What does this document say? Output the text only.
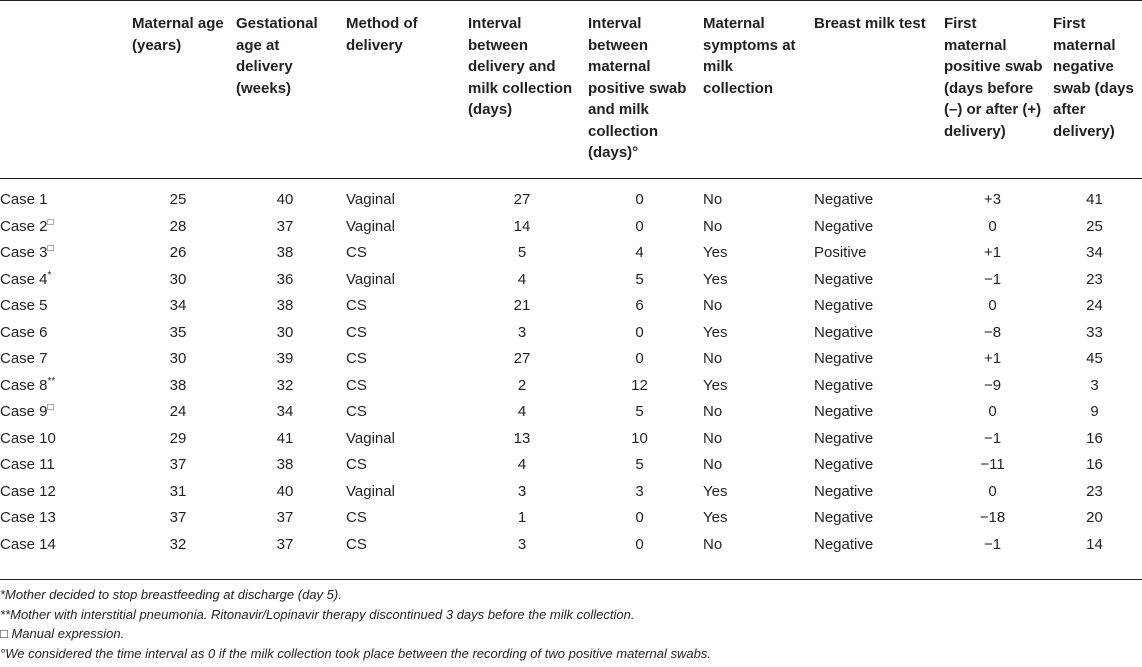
	Maternal age (years)	Gestational age at delivery (weeks)	Method of delivery	Interval between delivery and milk collection (days)	Interval between maternal positive swab and milk collection (days)°	Maternal symptoms at milk collection	Breast milk test	First maternal positive swab (days before (–) or after (+) delivery)	First maternal negative swab (days after delivery)
Case 1	25	40	Vaginal	27	0	No	Negative	+3	41
Case 2□	28	37	Vaginal	14	0	No	Negative	0	25
Case 3□	26	38	CS	5	4	Yes	Positive	+1	34
Case 4*	30	36	Vaginal	4	5	Yes	Negative	−1	23
Case 5	34	38	CS	21	6	No	Negative	0	24
Case 6	35	30	CS	3	0	Yes	Negative	−8	33
Case 7	30	39	CS	27	0	No	Negative	+1	45
Case 8**	38	32	CS	2	12	Yes	Negative	−9	3
Case 9□	24	34	CS	4	5	No	Negative	0	9
Case 10	29	41	Vaginal	13	10	No	Negative	−1	16
Case 11	37	38	CS	4	5	No	Negative	−11	16
Case 12	31	40	Vaginal	3	3	Yes	Negative	0	23
Case 13	37	37	CS	1	0	Yes	Negative	−18	20
Case 14	32	37	CS	3	0	No	Negative	−1	14
*Mother decided to stop breastfeeding at discharge (day 5).
**Mother with interstitial pneumonia. Ritonavir/Lopinavir therapy discontinued 3 days before the milk collection.
□ Manual expression.
°We considered the time interval as 0 if the milk collection took place between the recording of two positive maternal swabs.
